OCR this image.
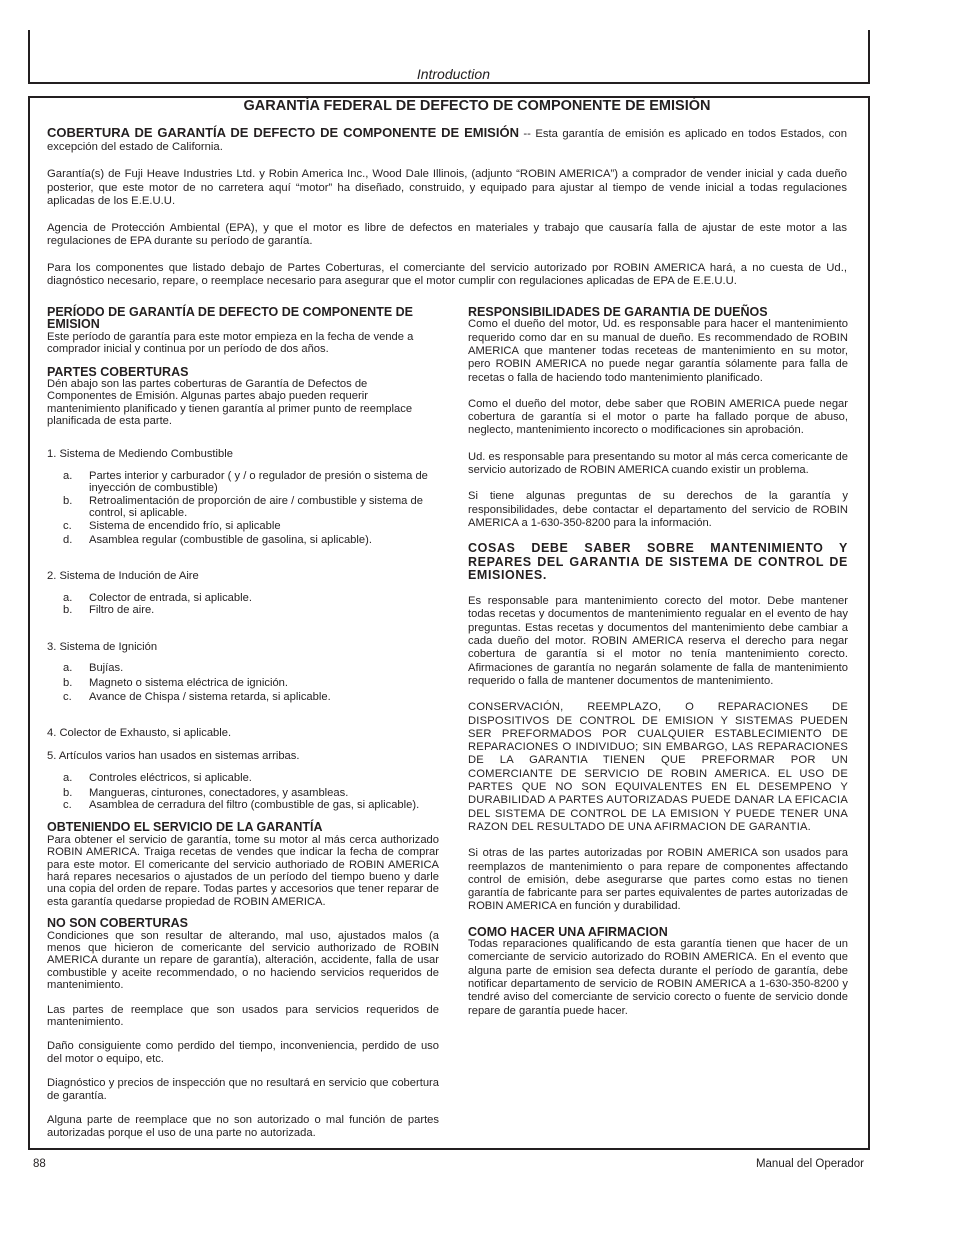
Introduction
GARANTÍA FEDERAL DE DEFECTO DE COMPONENTE DE EMISIÓN

COBERTURA DE GARANTÍA DE DEFECTO DE COMPONENTE DE EMISIÓN -- Esta garantía de emisión es aplicado en todos Estados, con excepción del estado de California.

Garantía(s) de Fuji Heave Industries Ltd. y Robin America Inc., Wood Dale Illinois, (adjunto “ROBIN AMERICA”) a comprador de vender inicial y cada dueño posterior, que este motor de no carretera aquí “motor” ha diseñado, construido, y equipado para ajustar al tiempo de vende inicial a todas regulaciones aplicadas de los E.E.U.U.

Agencia de Protección Ambiental (EPA), y que el motor es libre de defectos en materiales y trabajo que causaría falla de ajustar de este motor a las regulaciones de EPA durante su período de garantía.

Para los componentes que listado debajo de Partes Coberturas, el comerciante del servicio autorizado por ROBIN AMERICA hará, a no cuesta de Ud., diagnóstico necesario, repare, o reemplace necesario para asegurar que el motor cumplir con regulaciones aplicadas de EPA de E.E.U.U.

PERÍODO DE GARANTÍA DE DEFECTO DE COMPONENTE DE EMISION

Este período de garantía para este motor empieza en la fecha de vende a comprador inicial y continua por un período de dos años.

PARTES COBERTURAS

Dén abajo son las partes coberturas de Garantía de Defectos de Componentes de Emisión. Algunas partes abajo pueden requerir mantenimiento planificado y tienen garantía al primer punto de reemplace planificada de esta parte.

1. Sistema de Mediendo Combustible

a. Partes interior y carburador ( y / o regulador de presión o sistema de inyección de combustible)
b. Retroalimentación de proporción de aire / combustible y sistema de control, si aplicable.
c. Sistema de encendido frío, si aplicable
d. Asamblea regular (combustible de gasolina, si aplicable).

2. Sistema de Indución de Aire

a. Colector de entrada, si aplicable.
b. Filtro de aire.

3. Sistema de Ignición

a. Bujías.
b. Magneto o sistema eléctrica de ignición.
c. Avance de Chispa / sistema retarda, si aplicable.

4. Colector de Exhausto, si aplicable.

5. Artículos varios han usados en sistemas arribas.

a. Controles eléctricos, si aplicable.
b. Mangueras, cinturones, conectadores, y asambleas.
c. Asamblea de cerradura del filtro (combustible de gas, si aplicable).

OBTENIENDO EL SERVICIO DE LA GARANTÍA

Para obtener el servicio de garantía, tome su motor al más cerca authorizado ROBIN AMERICA. Traiga recetas de vendes que indicar la fecha de comprar para este motor. El comericante del servicio authoriado de ROBIN AMERICA hará repares necesarios o ajustados de un período del tiempo bueno y darle una copia del orden de repare. Todas partes y accesorios que tener reparar de esta garantía quedarse propiedad de ROBIN AMERICA.

NO SON COBERTURAS

Condiciones que son resultar de alterando, mal uso, ajustados malos (a menos que hicieron de comericante del servicio authorizado de ROBIN AMERICA durante un repare de garantía), alteración, accidente, falla de usar combustible y aceite recommendado, o no haciendo servicios requeridos de mantenimiento.

Las partes de reemplace que son usados para servicios requeridos de mantenimiento.

Daño consiguiente como perdido del tiempo, inconveniencia, perdido de uso del motor o equipo, etc.

Diagnóstico y precios de inspección que no resultará en servicio que cobertura de garantía.

Alguna parte de reemplace que no son autorizado o mal función de partes autorizadas porque el uso de una parte no autorizada.

RESPONSIBILIDADES DE GARANTIA DE DUEÑOS

Como el dueño del motor, Ud. es responsable para hacer el mantenimiento requerido como dar en su manual de dueño. Es recommendado de ROBIN AMERICA que mantener todas receteas de mantenimiento en su motor, pero ROBIN AMERICA no puede negar garantía sólamente para falla de recetas o falla de haciendo todo mantenimiento planificado.

Como el dueño del motor, debe saber que ROBIN AMERICA puede negar cobertura de garantía si el motor o parte ha fallado porque de abuso, neglecto, mantenimiento incorecto o modificaciones sin aprobación.

Ud. es responsable para presentando su motor al más cerca comericante de servicio autorizado de ROBIN AMERICA cuando existir un problema.

Si tiene algunas preguntas de su derechos de la garantía y responsibilidades, debe contactar el departamento del servicio de ROBIN AMERICA a 1-630-350-8200 para la información.

COSAS DEBE SABER SOBRE MANTENIMIENTO Y REPARES DEL GARANTIA DE SISTEMA DE CONTROL DE EMISIONES.

Es responsable para mantenimiento corecto del motor. Debe mantener todas recetas y documentos de mantenimiento regualar en el evento de hay preguntas. Estas recetas y documentos del mantenimiento debe cambiar a cada dueño del motor. ROBIN AMERICA reserva el derecho para negar cobertura de garantía si el motor no tenía mantenimiento corecto. Afirmaciones de garantía no negarán solamente de falla de mantenimiento requerido o falla de mantener documentos de mantenimiento.

CONSERVACIÓN, REEMPLAZO, O REPARACIONES DE DISPOSITIVOS DE CONTROL DE EMISION Y SISTEMAS PUEDEN SER PREFORMADOS POR CUALQUIER ESTABLECIMIENTO DE REPARACIONES O INDIVIDUO; SIN EMBARGO, LAS REPARACIONES DE LA GARANTIA TIENEN QUE PREFORMAR POR UN COMERCIANTE DE SERVICIO DE ROBIN AMERICA. EL USO DE PARTES QUE NO SON EQUIVALENTES EN EL DESEMPENO Y DURABILIDAD A PARTES AUTORIZADAS PUEDE DANAR LA EFICACIA DEL SISTEMA DE CONTROL DE LA EMISION Y PUEDE TENER UNA RAZON DEL RESULTADO DE UNA AFIRMACION DE GARANTIA.

Si otras de las partes autorizadas por ROBIN AMERICA son usados para reemplazos de mantenimiento o para repare de componentes affectando control de emisión, debe asegurarse que partes como estas no tienen garantía de fabricante para ser partes equivalentes de partes autorizadas de ROBIN AMERICA en función y durabilidad.

COMO HACER UNA AFIRMACION

Todas reparaciones qualificando de esta garantía tienen que hacer de un comerciante de servicio autorizado do ROBIN AMERICA. En el evento que alguna parte de emision sea defecta durante el período de garantía, debe notificar departamento de servicio de ROBIN AMERICA a 1-630-350-8200 y tendré aviso del comerciante de servicio corecto o fuente de servicio donde repare de garantía puede hacer.

88	Manual del Operador
